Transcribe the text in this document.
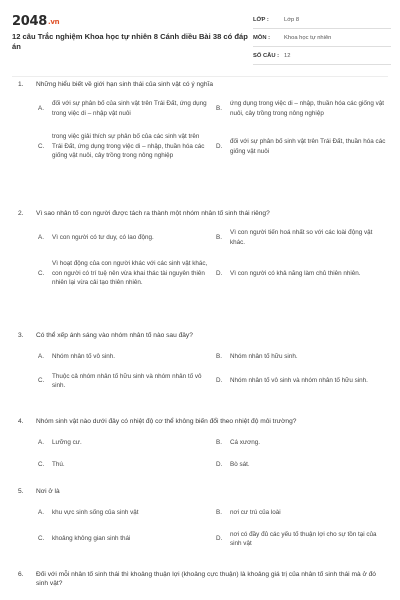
2048.vn
12 câu Trắc nghiệm Khoa học tự nhiên 8 Cánh diều Bài 38 có đáp án
LỚP :	Lớp 8
MÔN : Khoa học tự nhiên
SỐ CÂU : 12
1. Những hiểu biết về giới hạn sinh thái của sinh vật có ý nghĩa
A.
đối với sự phân bố của sinh vật trên Trái Đất, ứng dụng trong việc di – nhập vật nuôi
B.
ứng dụng trong việc di – nhập, thuần hóa các giống vật nuôi, cây trồng trong nông nghiệp
C.
trong việc giải thích sự phân bố của các sinh vật trên Trái Đất, ứng dụng trong việc di – nhập, thuần hóa các giống vật nuôi, cây trồng trong nông nghiệp
D.
đối với sự phân bố sinh vật trên Trái Đất, thuần hóa các giống vật nuôi
2. Vì sao nhân tố con người được tách ra thành một nhóm nhân tố sinh thái riêng?
A.	Vì con người có tư duy, có lao động.	B.
Vì con người tiến hoá nhất so với các loài động vật khác.
C.
Vì hoạt động của con người khác với các sinh vật khác, con người có trí tuệ nên vừa khai thác tài nguyên thiên nhiên lại vừa cải tạo thiên nhiên.
D.	Vì con người có khả năng làm chủ thiên nhiên.
3. Có thể xếp ánh sáng vào nhóm nhân tố nào sau đây?
A.	Nhóm nhân tố vô sinh.	B.	Nhóm nhân tố hữu sinh.
C.
Thuộc cả nhóm nhân tố hữu sinh và nhóm nhân tố vô sinh.
D.	Nhóm nhân tố vô sinh và nhóm nhân tố hữu sinh.
4. Nhóm sinh vật nào dưới đây có nhiệt độ cơ thể không biến đổi theo nhiệt độ môi trường?
A.	Lưỡng cư.	B.	Cá xương.
C.	Thú.	D.	Bò sát.
5. Nơi ở là
A.	khu vực sinh sống của sinh vật	B.	nơi cư trú của loài
C.	khoảng không gian sinh thái	D.
nơi có đầy đủ các yếu tố thuận lợi cho sự tồn tại của sinh vật
6. Đối với mỗi nhân tố sinh thái thì khoảng thuận lợi (khoảng cực thuận) là khoảng giá trị của nhân tố sinh thái mà ở đó sinh vật?
